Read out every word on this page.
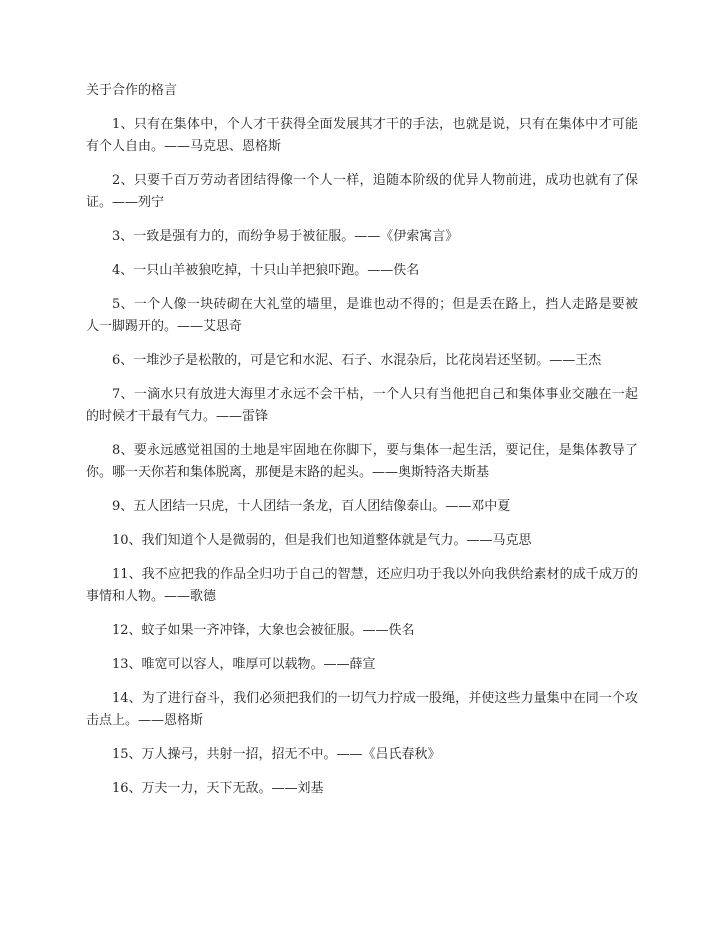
关于合作的格言

1、只有在集体中，个人才干获得全面发展其才干的手法，也就是说，只有在集体中才可能有个人自由。——马克思、恩格斯

2、只要千百万劳动者团结得像一个人一样，追随本阶级的优异人物前进，成功也就有了保证。——列宁

3、一致是强有力的，而纷争易于被征服。——《伊索寓言》

4、一只山羊被狼吃掉，十只山羊把狼吓跑。——佚名

5、一个人像一块砖砌在大礼堂的墙里，是谁也动不得的；但是丢在路上，挡人走路是要被人一脚踢开的。——艾思奇

6、一堆沙子是松散的，可是它和水泥、石子、水混杂后，比花岗岩还坚韧。——王杰

7、一滴水只有放进大海里才永远不会干枯，一个人只有当他把自己和集体事业交融在一起的时候才干最有气力。——雷锋

8、要永远感觉祖国的土地是牢固地在你脚下，要与集体一起生活，要记住，是集体教导了你。哪一天你若和集体脱离，那便是末路的起头。——奥斯特洛夫斯基

9、五人团结一只虎，十人团结一条龙，百人团结像泰山。——邓中夏

10、我们知道个人是微弱的，但是我们也知道整体就是气力。——马克思

11、我不应把我的作品全归功于自己的智慧，还应归功于我以外向我供给素材的成千成万的事情和人物。——歌德

12、蚊子如果一齐冲锋，大象也会被征服。——佚名

13、唯宽可以容人，唯厚可以载物。——薛宣

14、为了进行奋斗，我们必须把我们的一切气力拧成一股绳，并使这些力量集中在同一个攻击点上。——恩格斯

15、万人操弓，共射一招，招无不中。——《吕氏春秋》

16、万夫一力，天下无敌。——刘基
